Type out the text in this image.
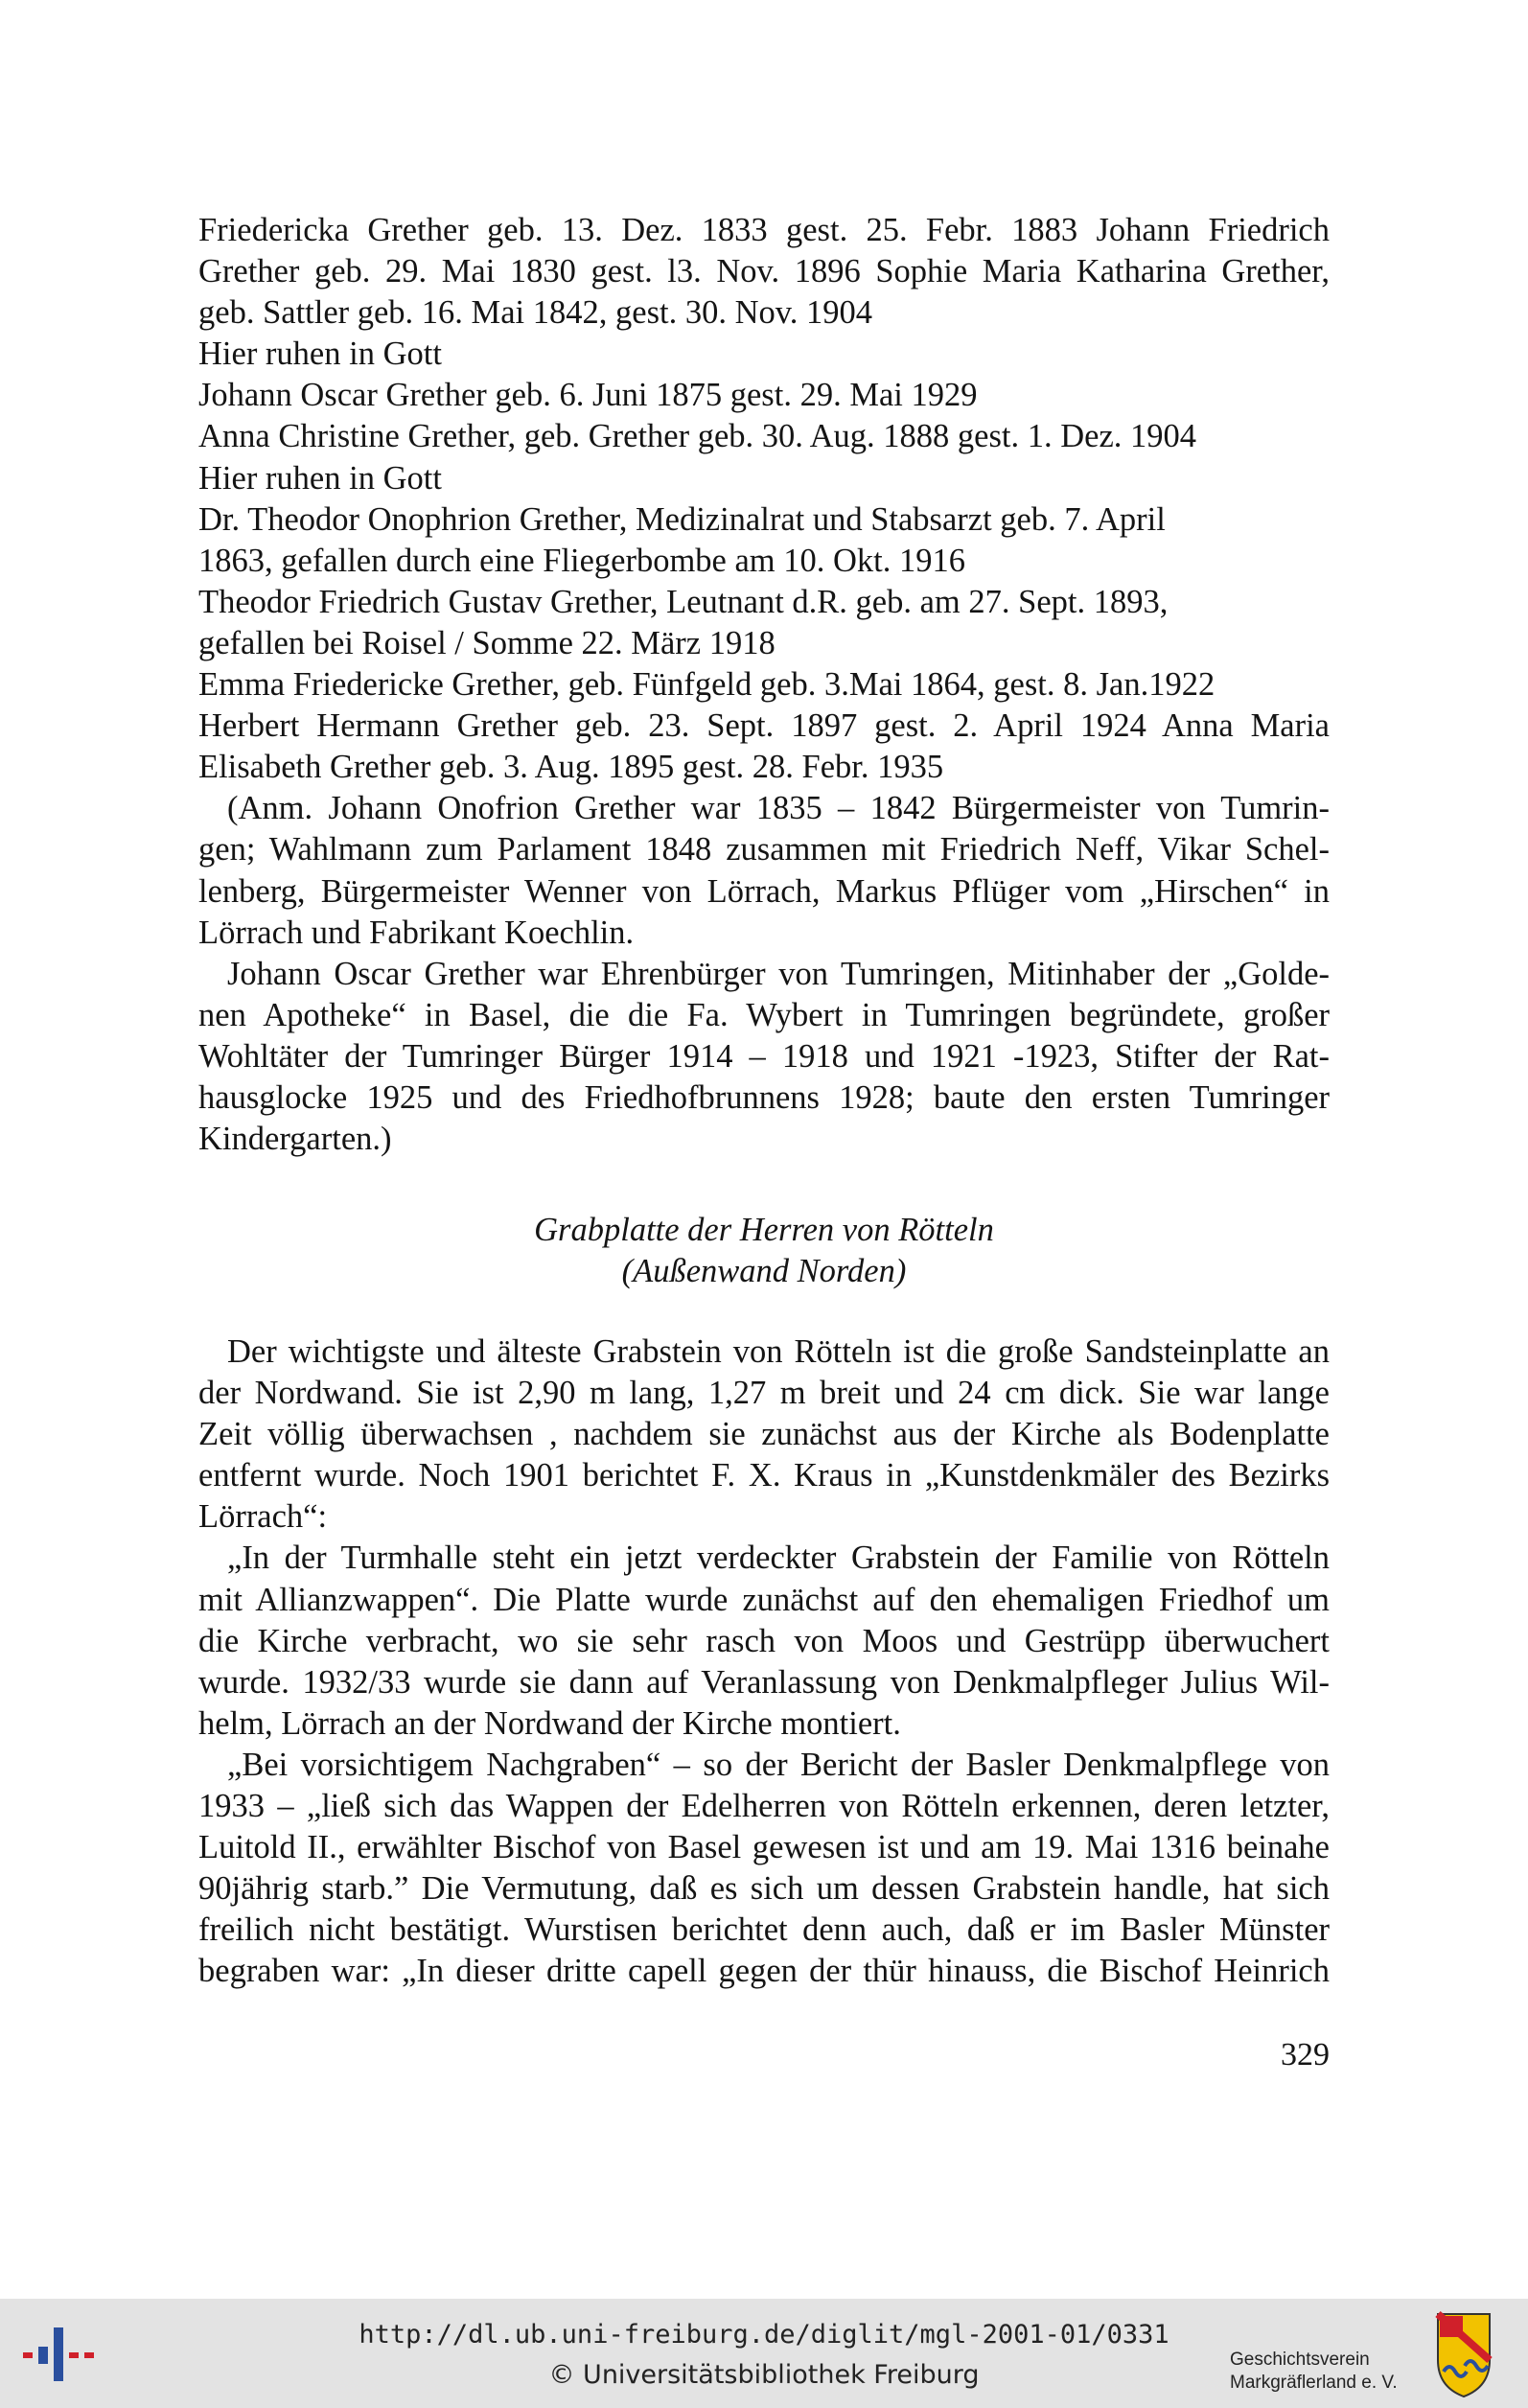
Friedericka Grether geb. 13. Dez. 1833 gest. 25. Febr. 1883 Johann Friedrich
Grether geb. 29. Mai 1830 gest. l3. Nov. 1896 Sophie Maria Katharina Grether,
geb. Sattler geb. 16. Mai 1842, gest. 30. Nov. 1904
Hier ruhen in Gott
Johann Oscar Grether geb. 6. Juni 1875 gest. 29. Mai 1929
Anna Christine Grether, geb. Grether geb. 30. Aug. 1888 gest. 1. Dez. 1904
Hier ruhen in Gott
Dr. Theodor Onophrion Grether, Medizinalrat und Stabsarzt geb. 7. April
1863, gefallen durch eine Fliegerbombe am 10. Okt. 1916
Theodor Friedrich Gustav Grether, Leutnant d.R. geb. am 27. Sept. 1893,
gefallen bei Roisel / Somme 22. März 1918
Emma Friedericke Grether, geb. Fünfgeld geb. 3.Mai 1864, gest. 8. Jan.1922
Herbert Hermann Grether geb. 23. Sept. 1897 gest. 2. April 1924 Anna Maria
Elisabeth Grether geb. 3. Aug. 1895 gest. 28. Febr. 1935
(Anm. Johann Onofrion Grether war 1835 – 1842 Bürgermeister von Tumrin-
gen; Wahlmann zum Parlament 1848 zusammen mit Friedrich Neff, Vikar Schel-
lenberg, Bürgermeister Wenner von Lörrach, Markus Pflüger vom „Hirschen“ in
Lörrach und Fabrikant Koechlin.
Johann Oscar Grether war Ehrenbürger von Tumringen, Mitinhaber der „Golde-
nen Apotheke“ in Basel, die die Fa. Wybert in Tumringen begründete, großer
Wohltäter der Tumringer Bürger 1914 – 1918 und 1921 -1923, Stifter der Rat-
hausglocke 1925 und des Friedhofbrunnens 1928; baute den ersten Tumringer
Kindergarten.)
Grabplatte der Herren von Rötteln
(Außenwand Norden)
Der wichtigste und älteste Grabstein von Rötteln ist die große Sandsteinplatte an
der Nordwand. Sie ist 2,90 m lang, 1,27 m breit und 24 cm dick. Sie war lange
Zeit völlig überwachsen , nachdem sie zunächst aus der Kirche als Bodenplatte
entfernt wurde. Noch 1901 berichtet F. X. Kraus in „Kunstdenkmäler des Bezirks
Lörrach“:
„In der Turmhalle steht ein jetzt verdeckter Grabstein der Familie von Rötteln
mit Allianzwappen“. Die Platte wurde zunächst auf den ehemaligen Friedhof um
die Kirche verbracht, wo sie sehr rasch von Moos und Gestrüpp überwuchert
wurde. 1932/33 wurde sie dann auf Veranlassung von Denkmalpfleger Julius Wil-
helm, Lörrach an der Nordwand der Kirche montiert.
„Bei vorsichtigem Nachgraben“ – so der Bericht der Basler Denkmalpflege von
1933 – „ließ sich das Wappen der Edelherren von Rötteln erkennen, deren letzter,
Luitold II., erwählter Bischof von Basel gewesen ist und am 19. Mai 1316 beinahe
90jährig starb.” Die Vermutung, daß es sich um dessen Grabstein handle, hat sich
freilich nicht bestätigt. Wurstisen berichtet denn auch, daß er im Basler Münster
begraben war: „In dieser dritte capell gegen der thür hinauss, die Bischof Heinrich
329
http://dl.ub.uni-freiburg.de/diglit/mgl-2001-01/0331
© Universitätsbibliothek Freiburg
Geschichtsverein
Markgräflerland e. V.
